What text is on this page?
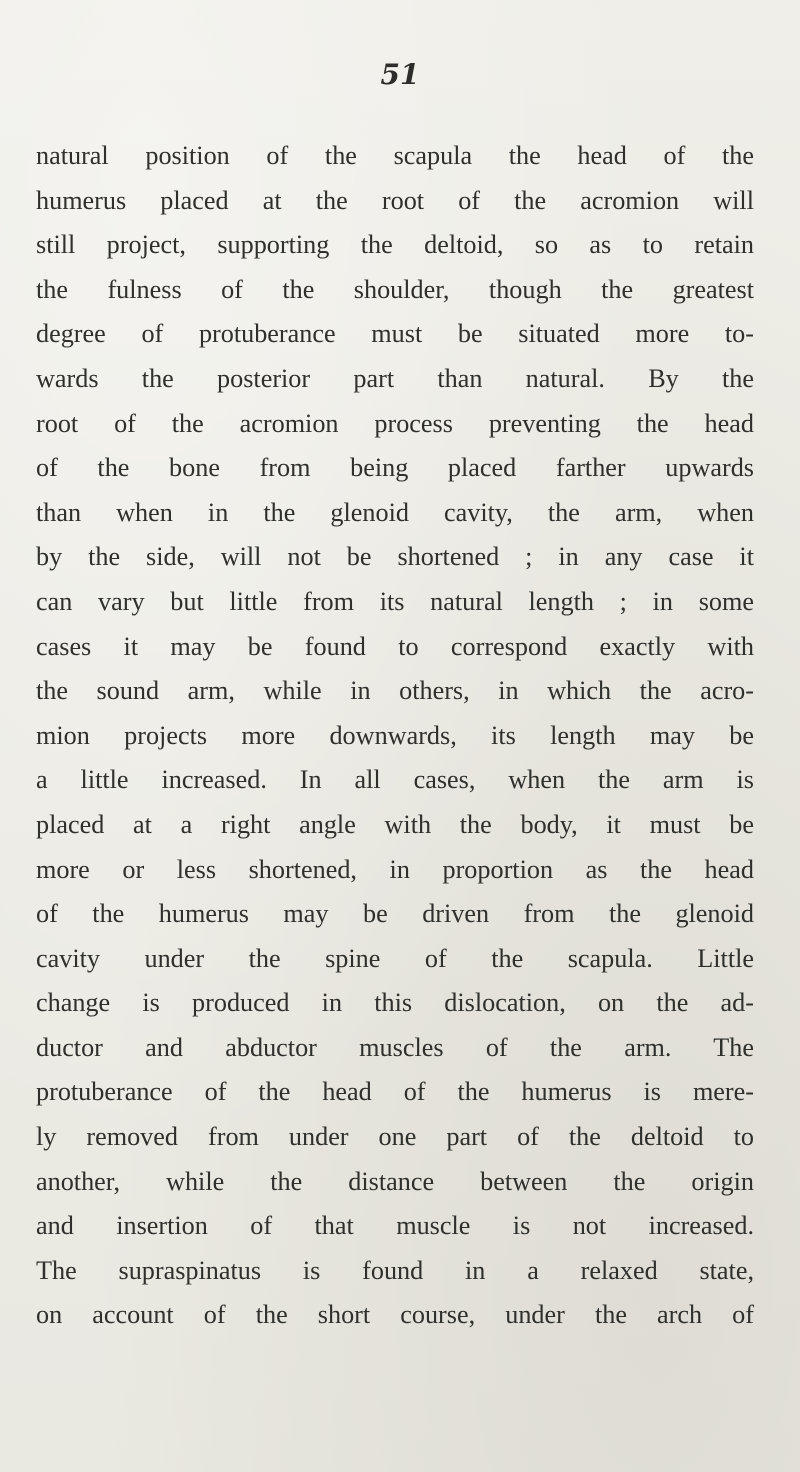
51
natural position of the scapula the head of the
humerus placed at the root of the acromion will
still project, supporting the deltoid, so as to retain
the fulness of the shoulder, though the greatest
degree of protuberance must be situated more to-
wards the posterior part than natural. By the
root of the acromion process preventing the head
of the bone from being placed farther upwards
than when in the glenoid cavity, the arm, when
by the side, will not be shortened ; in any case it
can vary but little from its natural length ; in some
cases it may be found to correspond exactly with
the sound arm, while in others, in which the acro-
mion projects more downwards, its length may be
a little increased. In all cases, when the arm is
placed at a right angle with the body, it must be
more or less shortened, in proportion as the head
of the humerus may be driven from the glenoid
cavity under the spine of the scapula. Little
change is produced in this dislocation, on the ad-
ductor and abductor muscles of the arm. The
protuberance of the head of the humerus is mere-
ly removed from under one part of the deltoid to
another, while the distance between the origin
and insertion of that muscle is not increased.
The supraspinatus is found in a relaxed state,
on account of the short course, under the arch of
